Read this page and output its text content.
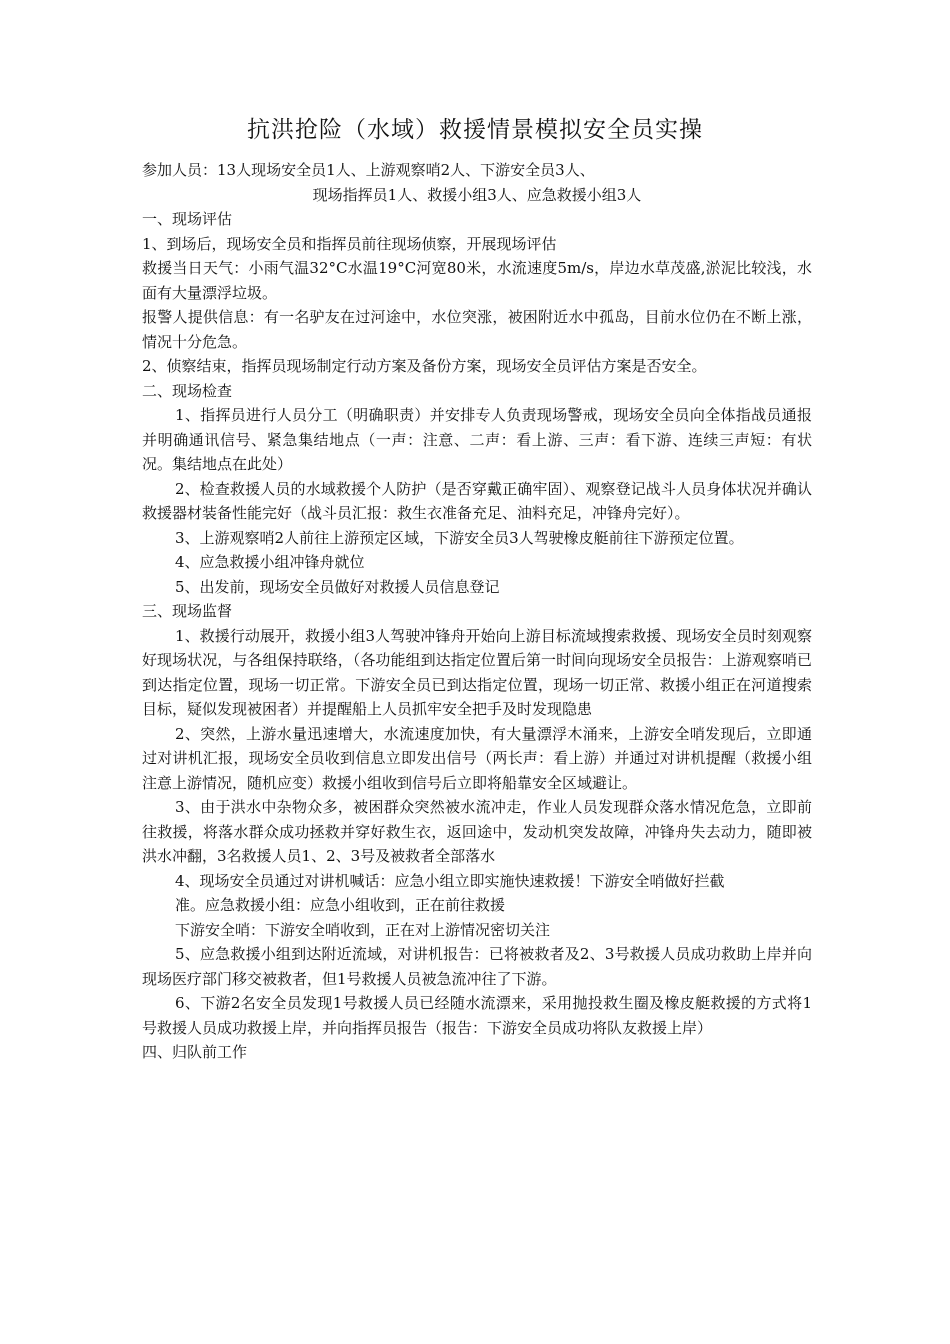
抗洪抢险（水域）救援情景模拟安全员实操

参加人员：13人现场安全员1人、上游观察哨2人、下游安全员3人、

现场指挥员1人、救援小组3人、应急救援小组3人

一、现场评估

1、到场后，现场安全员和指挥员前往现场侦察，开展现场评估

救援当日天气：小雨气温32°C水温19°C河宽80米，水流速度5m/s，岸边水草茂盛,淤泥比较浅，水面有大量漂浮垃圾。

报警人提供信息：有一名驴友在过河途中，水位突涨，被困附近水中孤岛，目前水位仍在不断上涨，情况十分危急。

2、侦察结束，指挥员现场制定行动方案及备份方案，现场安全员评估方案是否安全。

二、现场检查

1、指挥员进行人员分工（明确职责）并安排专人负责现场警戒，现场安全员向全体指战员通报并明确通讯信号、紧急集结地点（一声：注意、二声：看上游、三声：看下游、连续三声短：有状况。集结地点在此处）

2、检查救援人员的水域救援个人防护（是否穿戴正确牢固）、观察登记战斗人员身体状况并确认救援器材装备性能完好（战斗员汇报：救生衣准备充足、油料充足，冲锋舟完好）。

3、上游观察哨2人前往上游预定区域，下游安全员3人驾驶橡皮艇前往下游预定位置。

4、应急救援小组冲锋舟就位

5、出发前，现场安全员做好对救援人员信息登记

三、现场监督

1、救援行动展开，救援小组3人驾驶冲锋舟开始向上游目标流域搜索救援、现场安全员时刻观察好现场状况，与各组保持联络，（各功能组到达指定位置后第一时间向现场安全员报告：上游观察哨已到达指定位置，现场一切正常。下游安全员已到达指定位置，现场一切正常、救援小组正在河道搜索目标，疑似发现被困者）并提醒船上人员抓牢安全把手及时发现隐患

2、突然，上游水量迅速增大，水流速度加快，有大量漂浮木涌来，上游安全哨发现后，立即通过对讲机汇报，现场安全员收到信息立即发出信号（两长声：看上游）并通过对讲机提醒（救援小组注意上游情况，随机应变）救援小组收到信号后立即将船靠安全区域避让。

3、由于洪水中杂物众多，被困群众突然被水流冲走，作业人员发现群众落水情况危急，立即前往救援，将落水群众成功拯救并穿好救生衣，返回途中，发动机突发故障，冲锋舟失去动力，随即被洪水冲翻，3名救援人员1、2、3号及被救者全部落水

4、现场安全员通过对讲机喊话：应急小组立即实施快速救援！下游安全哨做好拦截

准。应急救援小组：应急小组收到，正在前往救援

下游安全哨：下游安全哨收到，正在对上游情况密切关注

5、应急救援小组到达附近流域，对讲机报告：已将被救者及2、3号救援人员成功救助上岸并向现场医疗部门移交被救者，但1号救援人员被急流冲往了下游。

6、下游2名安全员发现1号救援人员已经随水流漂来，采用抛投救生圈及橡皮艇救援的方式将1号救援人员成功救援上岸，并向指挥员报告（报告：下游安全员成功将队友救援上岸）

四、归队前工作
